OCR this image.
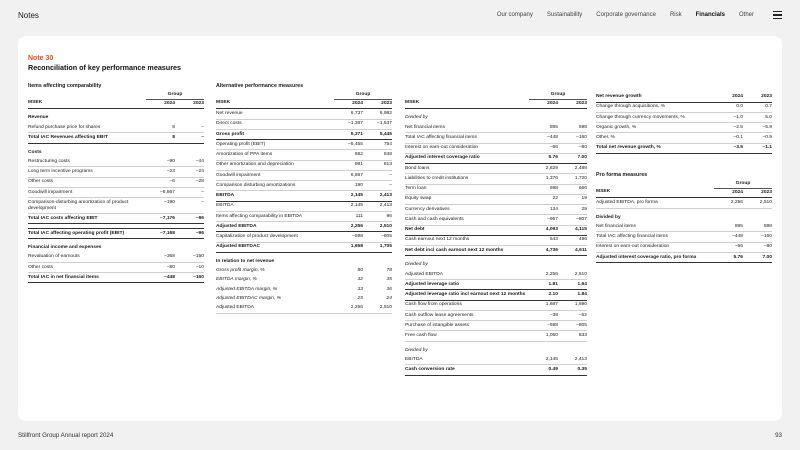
Notes	Our company Sustainability Corporate governance Risk Financials Other
Note 30
Reconciliation of key performance measures
Items affecting comparability
	Group	
MSEK	2024	2023
Revenue		
Refund purchase price for shares	8	–
Total IAC Revenues affecting EBIT	8	–
Costs		
Restructuring costs	–90	–44
Long term incentive programs	–23	–24
Other costs	–6	–28
Goodwill impairment	–6,867	–
Comparison-disturbing amortization of product development	–190	–
Total IAC costs affecting EBIT	–7,176	–96

Total IAC affecting operating profit (EBIT)	–7,168	–96
Financial income and expenses		
Revaluation of earnouts	–368	–150
Other costs	–80	–10
Total IAC in net financial items	–448	–160
Alternative performance measures
	Group	
MSEK	2024	2023
Net revenue	6,737	6,982
Direct costs	–1,367	–1,537
Gross profit	5,371	5,445
Operating profit (EBIT)	–6,455	754
Amortization of PPA items	682	848
Other amortization and depreciation	981	813
Goodwill impairment	6,867	–
Comparison disturbing amortizations	190	–
EBITDA	2,145	2,413
EBITDA	2,145	2,413
Items affecting comparability in EBITDA	111	96
Adjusted EBITDA	2,256	2,510
Capitalization of product development	–598	–805
Adjusted EBITDAC	1,658	1,705
In relation to net revenue		
Gross profit margin, %	80	78
EBITDA margin, %	32	35
Adjusted EBITDA margin, %	33	36
Adjusted EBITDAC margin, %	25	24
Adjusted EBITDA	2,256	2,510
	Group	
MSEK	2024	2023
Divided by		
Net financial items	895	598
Total IAC affecting financial items	–448	–160
Interest on earn-out consideration	–56	–80
Adjusted interest coverage ratio	5.76	7.00
Bond loans	2,829	2,488
Liabilities to credit institutions	1,376	1,720
Term loan	698	666
Equity swap	22	19
Currency derivatives	134	29
Cash and cash equivalents	–957	–807
Net debt	4,093	4,115
Cash earnout next 12 months	643	496
Net debt incl cash earnout next 12 months	4,736	4,611
Divided by		
Adjusted EBITDA	2,256	2,510
Adjusted leverage ratio	1.81	1.64
Adjusted leverage ratio incl earnout next 12 months	2.10	1.84
Cash flow from operations	1,687	1,690
Cash outflow lease agreements	–38	–52
Purchase of intangible assets	–598	–805
Free cash flow	1,050	833
Divided by		
EBITDA	2,145	2,413
Cash conversion rate	0.49	0.35

Net revenue growth	2024	2023
Change through acquisitions, %	0.0	0.7
Change through currency movements, %	–1.0	5.0
Organic growth, %	–2.5	–5.9
Other, %	–0.1	–0.9
Total net revenue growth, %	–3.5	–1.1
Pro forma measures
	Group	
MSEK	2024	2023
Adjusted EBITDA, pro forma	2,256	2,510
Divided by		
Net financial items	895	598
Total IAC affecting financial items	–448	–160
Interest on earn-out consideration	–56	–80
Adjusted interest coverage ratio, pro forma	5.76	7.00
Stillfront Group Annual report 2024	93
